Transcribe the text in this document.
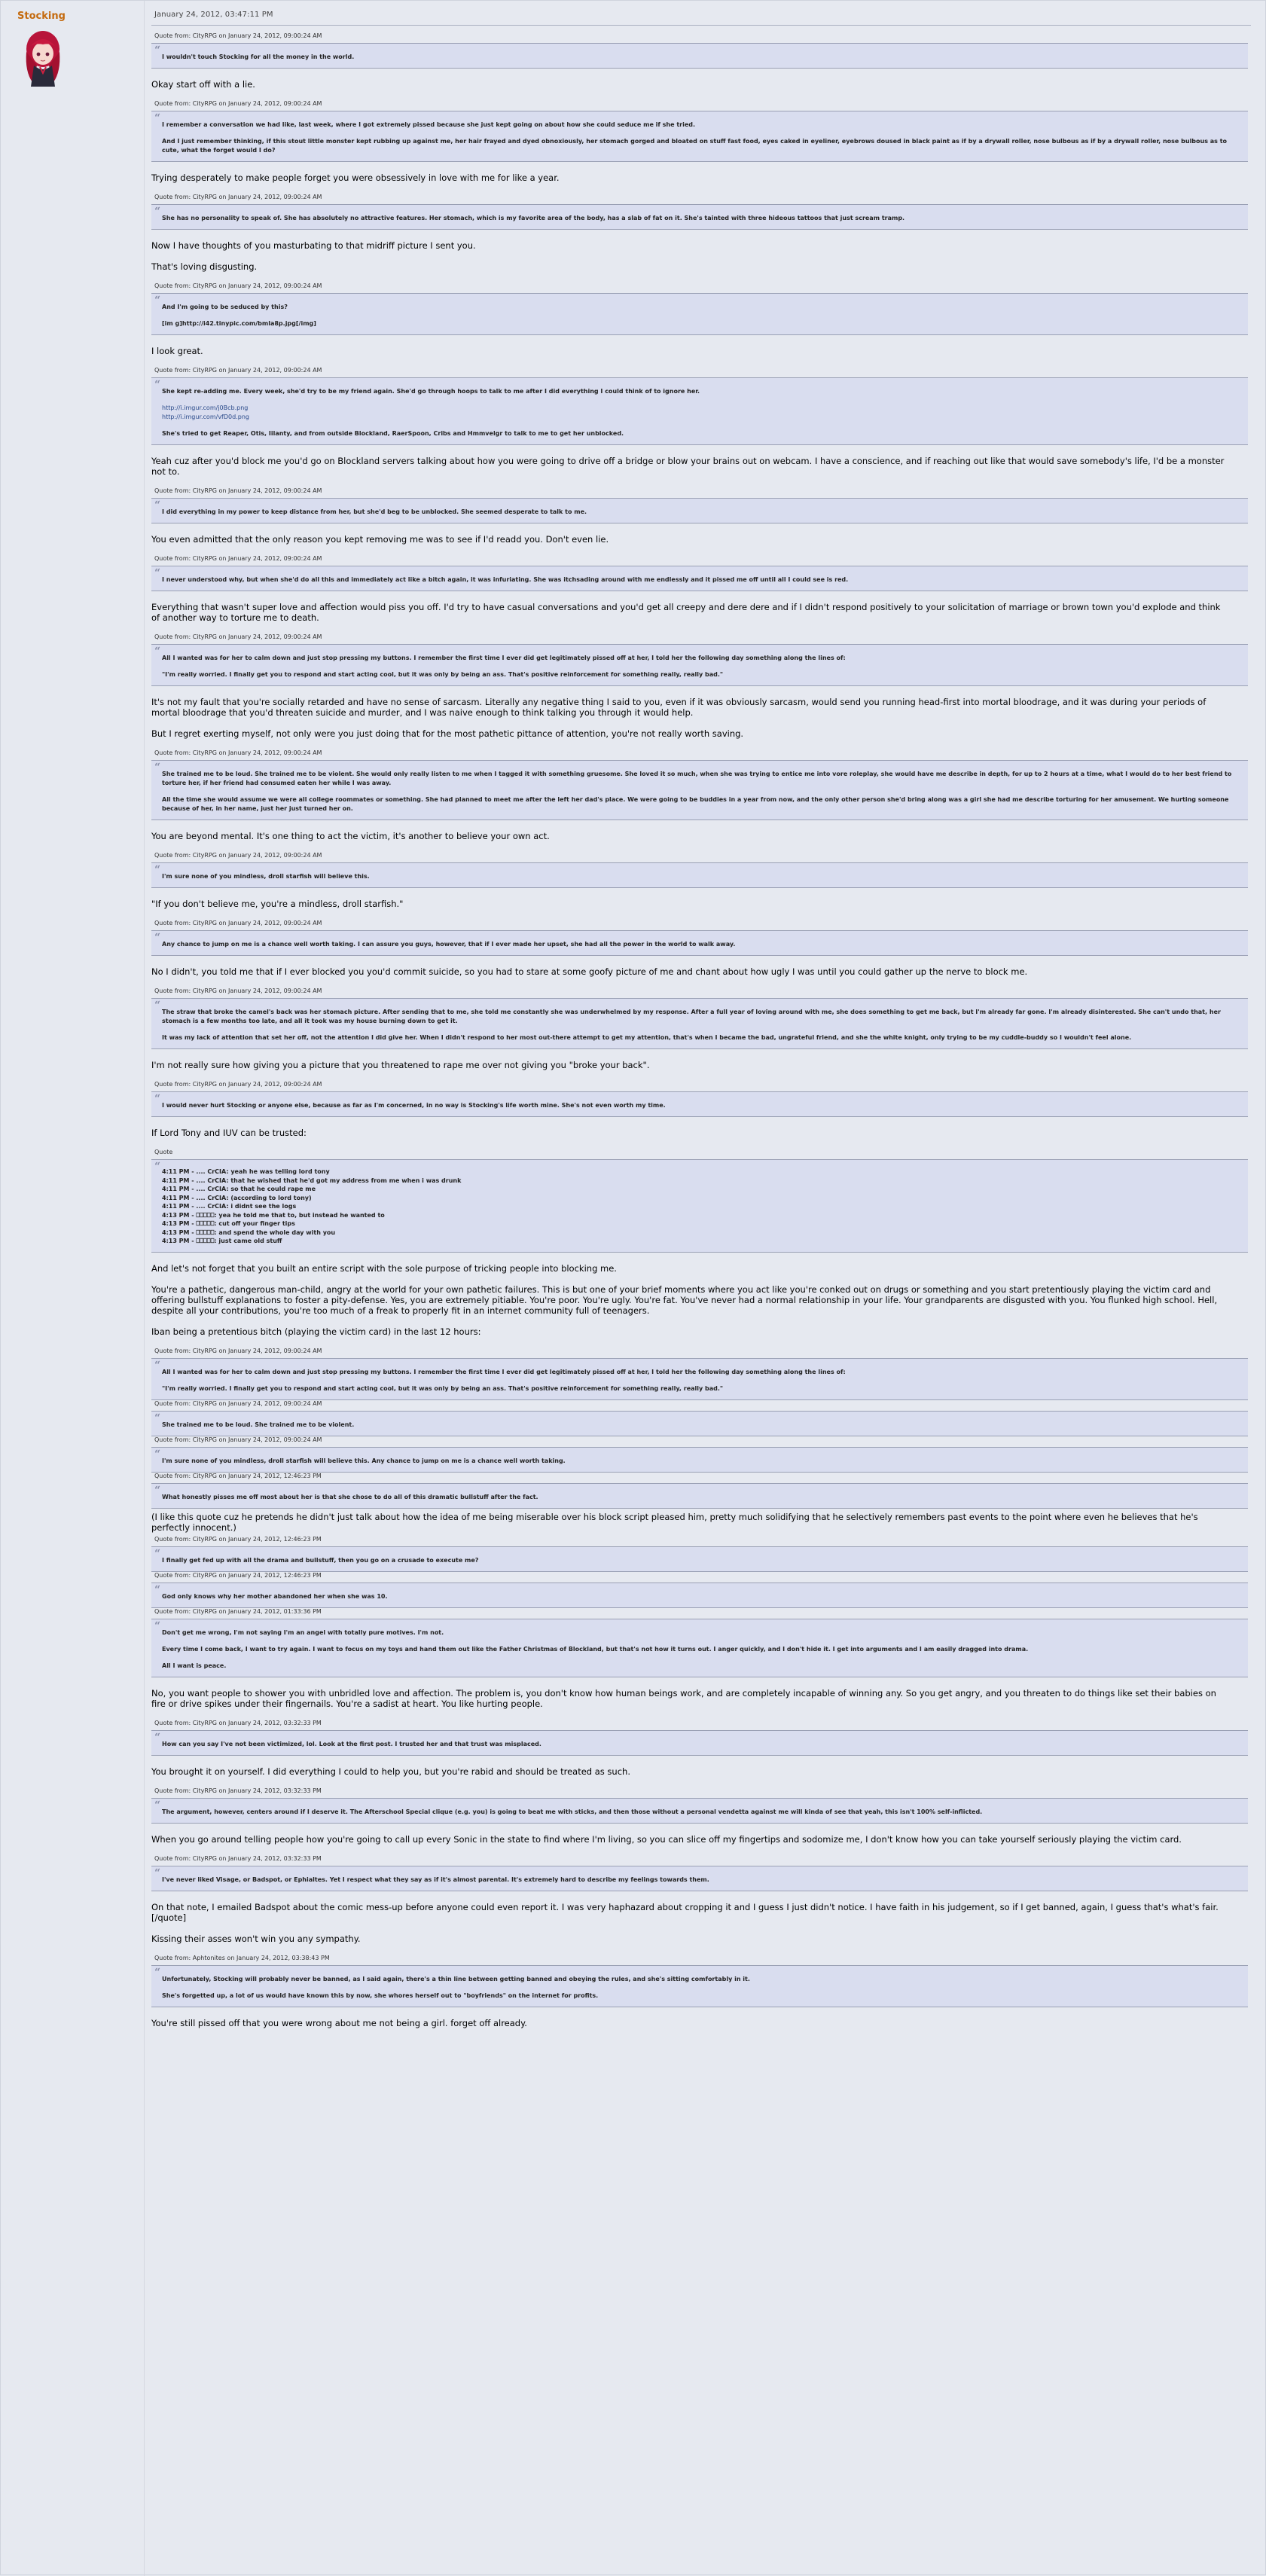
Stocking	January 24, 2012, 03:47:11 PM
Quote from: CityRPG on January 24, 2012, 09:00:24 AM
“
I wouldn't touch Stocking for all the money in the world.
Okay start off with a lie.
Quote from: CityRPG on January 24, 2012, 09:00:24 AM
“
I remember a conversation we had like, last week, where I got extremely pissed because she just kept going on about how she could seduce me if she tried.
And I just remember thinking, if this stout little monster kept rubbing up against me, her hair frayed and dyed obnoxiously, her stomach gorged and bloated on stuff fast food, eyes caked in eyeliner, eyebrows doused in black paint as if by a drywall roller, nose bulbous as if by a drywall roller, nose bulbous as to cute, what the forget would I do?
Trying desperately to make people forget you were obsessively in love with me for like a year.
Quote from: CityRPG on January 24, 2012, 09:00:24 AM
“
She has no personality to speak of. She has absolutely no attractive features. Her stomach, which is my favorite area of the body, has a slab of fat on it. She's tainted with three hideous tattoos that just scream tramp.
Now I have thoughts of you masturbating to that midriff picture I sent you.
That's loving disgusting.
Quote from: CityRPG on January 24, 2012, 09:00:24 AM
“
And I'm going to be seduced by this?
[im g]http://i42.tinypic.com/bmla8p.jpg[/img]
I look great.
Quote from: CityRPG on January 24, 2012, 09:00:24 AM
“
She kept re-adding me. Every week, she'd try to be my friend again. She'd go through hoops to talk to me after I did everything I could think of to ignore her.
http://i.imgur.com/j0Bcb.png
http://i.imgur.com/vfD0d.png
She's tried to get Reaper, Otis, Iilanty, and from outside Blockland, RaerSpoon, Cribs and Hmmvelgr to talk to me to get her unblocked.
Yeah cuz after you'd block me you'd go on Blockland servers talking about how you were going to drive off a bridge or blow your brains out on webcam. I have a conscience, and if reaching out like that would save somebody's life, I'd be a monster not to.
Quote from: CityRPG on January 24, 2012, 09:00:24 AM
“
I did everything in my power to keep distance from her, but she'd beg to be unblocked. She seemed desperate to talk to me.
You even admitted that the only reason you kept removing me was to see if I'd readd you. Don't even lie.
Quote from: CityRPG on January 24, 2012, 09:00:24 AM
“
I never understood why, but when she'd do all this and immediately act like a bitch again, it was infuriating. She was itchsading around with me endlessly and it pissed me off until all I could see is red.
Everything that wasn't super love and affection would piss you off. I'd try to have casual conversations and you'd get all creepy and dere dere and if I didn't respond positively to your solicitation of marriage or brown town you'd explode and think of another way to torture me to death.
Quote from: CityRPG on January 24, 2012, 09:00:24 AM
“
All I wanted was for her to calm down and just stop pressing my buttons. I remember the first time I ever did get legitimately pissed off at her, I told her the following day something along the lines of:
"I'm really worried. I finally get you to respond and start acting cool, but it was only by being an ass. That's positive reinforcement for something really, really bad."
It's not my fault that you're socially retarded and have no sense of sarcasm. Literally any negative thing I said to you, even if it was obviously sarcasm, would send you running head-first into mortal bloodrage, and it was during your periods of mortal bloodrage that you'd threaten suicide and murder, and I was naive enough to think talking you through it would help.
But I regret exerting myself, not only were you just doing that for the most pathetic pittance of attention, you're not really worth saving.
Quote from: CityRPG on January 24, 2012, 09:00:24 AM
“
She trained me to be loud. She trained me to be violent. She would only really listen to me when I tagged it with something gruesome. She loved it so much, when she was trying to entice me into vore roleplay, she would have me describe in depth, for up to 2 hours at a time, what I would do to her best friend to torture her, if her friend had consumed eaten her while I was away.
All the time she would assume we were all college roommates or something. She had planned to meet me after the left her dad's place. We were going to be buddies in a year from now, and the only other person she'd bring along was a girl she had me describe torturing for her amusement. We hurting someone because of her, in her name, just her just turned her on.
You are beyond mental. It's one thing to act the victim, it's another to believe your own act.
Quote from: CityRPG on January 24, 2012, 09:00:24 AM
“
I'm sure none of you mindless, droll starfish will believe this.
"If you don't believe me, you're a mindless, droll starfish."
Quote from: CityRPG on January 24, 2012, 09:00:24 AM
“
Any chance to jump on me is a chance well worth taking. I can assure you guys, however, that if I ever made her upset, she had all the power in the world to walk away.
No I didn't, you told me that if I ever blocked you you'd commit suicide, so you had to stare at some goofy picture of me and chant about how ugly I was until you could gather up the nerve to block me.
Quote from: CityRPG on January 24, 2012, 09:00:24 AM
“
The straw that broke the camel's back was her stomach picture. After sending that to me, she told me constantly she was underwhelmed by my response. After a full year of loving around with me, she does something to get me back, but I'm already far gone. I'm already disinterested. She can't undo that, her stomach is a few months too late, and all it took was my house burning down to get it.
It was my lack of attention that set her off, not the attention I did give her. When I didn't respond to her most out-there attempt to get my attention, that's when I became the bad, ungrateful friend, and she the white knight, only trying to be my cuddle-buddy so I wouldn't feel alone.
I'm not really sure how giving you a picture that you threatened to rape me over not giving you "broke your back".
Quote from: CityRPG on January 24, 2012, 09:00:24 AM
“
I would never hurt Stocking or anyone else, because as far as I'm concerned, in no way is Stocking's life worth mine. She's not even worth my time.
If Lord Tony and IUV can be trusted:
Quote
“ 4:11 PM - .... CrCIA: yeah he was telling lord tony
4:11 PM - .... CrCIA: that he wished that he'd got my address from me when i was drunk
4:11 PM - .... CrCIA: so that he could rape me
4:11 PM - .... CrCIA: (according to lord tony)
4:11 PM - .... CrCIA: i didnt see the logs
4:13 PM - ⎕⎕⎕⎕⎕: yea he told me that to, but instead he wanted to
4:13 PM - ⎕⎕⎕⎕⎕: cut off your finger tips
4:13 PM - ⎕⎕⎕⎕⎕: and spend the whole day with you
4:13 PM - ⎕⎕⎕⎕⎕: just came old stuff
And let's not forget that you built an entire script with the sole purpose of tricking people into blocking me.
You're a pathetic, dangerous man-child, angry at the world for your own pathetic failures. This is but one of your brief moments where you act like you're conked out on drugs or something and you start pretentiously playing the victim card and offering bullstuff explanations to foster a pity-defense. Yes, you are extremely pitiable. You're poor. You're ugly. You're fat. You've never had a normal relationship in your life. Your grandparents are disgusted with you. You flunked high school. Hell, despite all your contributions, you're too much of a freak to properly fit in an internet community full of teenagers.
Iban being a pretentious bitch (playing the victim card) in the last 12 hours:
Quote from: CityRPG on January 24, 2012, 09:00:24 AM
“
All I wanted was for her to calm down and just stop pressing my buttons. I remember the first time I ever did get legitimately pissed off at her, I told her the following day something along the lines of:
"I'm really worried. I finally get you to respond and start acting cool, but it was only by being an ass. That's positive reinforcement for something really, really bad."
Quote from: CityRPG on January 24, 2012, 09:00:24 AM
“
She trained me to be loud. She trained me to be violent.
Quote from: CityRPG on January 24, 2012, 09:00:24 AM
“
I'm sure none of you mindless, droll starfish will believe this. Any chance to jump on me is a chance well worth taking.
Quote from: CityRPG on January 24, 2012, 12:46:23 PM
“
What honestly pisses me off most about her is that she chose to do all of this dramatic bullstuff after the fact.
(I like this quote cuz he pretends he didn't just talk about how the idea of me being miserable over his block script pleased him, pretty much solidifying that he selectively remembers past events to the point where even he believes that he's perfectly innocent.)
Quote from: CityRPG on January 24, 2012, 12:46:23 PM
“
I finally get fed up with all the drama and bullstuff, then you go on a crusade to execute me?
Quote from: CityRPG on January 24, 2012, 12:46:23 PM
“
God only knows why her mother abandoned her when she was 10.
Quote from: CityRPG on January 24, 2012, 01:33:36 PM
“
Don't get me wrong, I'm not saying I'm an angel with totally pure motives. I'm not.
Every time I come back, I want to try again. I want to focus on my toys and hand them out like the Father Christmas of Blockland, but that's not how it turns out. I anger quickly, and I don't hide it. I get into arguments and I am easily dragged into drama.
All I want is peace.
No, you want people to shower you with unbridled love and affection. The problem is, you don't know how human beings work, and are completely incapable of winning any. So you get angry, and you threaten to do things like set their babies on fire or drive spikes under their fingernails. You're a sadist at heart. You like hurting people.
Quote from: CityRPG on January 24, 2012, 03:32:33 PM
“
How can you say I've not been victimized, lol. Look at the first post. I trusted her and that trust was misplaced.
You brought it on yourself. I did everything I could to help you, but you're rabid and should be treated as such.
Quote from: CityRPG on January 24, 2012, 03:32:33 PM
“
The argument, however, centers around if I deserve it. The Afterschool Special clique (e.g. you) is going to beat me with sticks, and then those without a personal vendetta against me will kinda of see that yeah, this isn't 100% self-inflicted.
When you go around telling people how you're going to call up every Sonic in the state to find where I'm living, so you can slice off my fingertips and sodomize me, I don't know how you can take yourself seriously playing the victim card.
Quote from: CityRPG on January 24, 2012, 03:32:33 PM
“
I've never liked Visage, or Badspot, or Ephialtes. Yet I respect what they say as if it's almost parental. It's extremely hard to describe my feelings towards them.
On that note, I emailed Badspot about the comic mess-up before anyone could even report it. I was very haphazard about cropping it and I guess I just didn't notice. I have faith in his judgement, so if I get banned, again, I guess that's what's fair.
[/quote]
Kissing their asses won't win you any sympathy.
Quote from: Aphtonites on January 24, 2012, 03:38:43 PM
“
Unfortunately, Stocking will probably never be banned, as I said again, there's a thin line between getting banned and obeying the rules, and she's sitting comfortably in it.
She's forgetted up, a lot of us would have known this by now, she whores herself out to "boyfriends" on the internet for profits.
You're still pissed off that you were wrong about me not being a girl. forget off already.
